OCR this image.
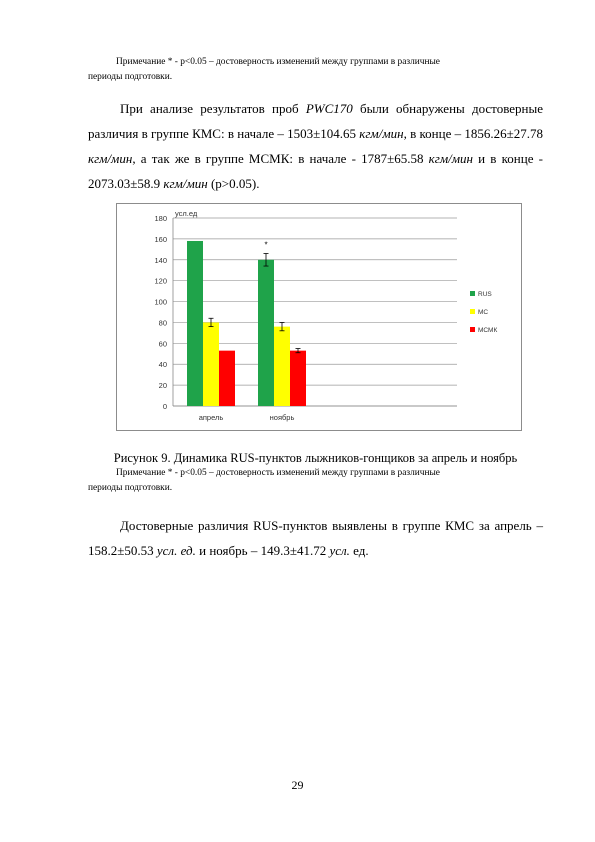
Примечание * - р<0.05 – достоверность изменений между группами в различные
периоды подготовки.
При анализе результатов проб PWC170 были обнаружены достоверные различия в группе КМС: в начале – 1503±104.65 кгм/мин, в конце – 1856.26±27.78 кгм/мин, а так же в группе МСМК: в начале - 1787±65.58 кгм/мин и в конце - 2073.03±58.9 кгм/мин (р>0.05).
0
20
40
60
80
100
120
140
160
180
усл.ед
апрель	ноябрь
*
RUS
МС
МСМК
Рисунок 9. Динамика RUS-пунктов лыжников-гонщиков за апрель и ноябрь
Примечание * - р<0.05 – достоверность изменений между группами в различные
периоды подготовки.
Достоверные различия RUS-пунктов выявлены в группе КМС за апрель – 158.2±50.53 усл. ед. и ноябрь – 149.3±41.72 усл. ед.
29
